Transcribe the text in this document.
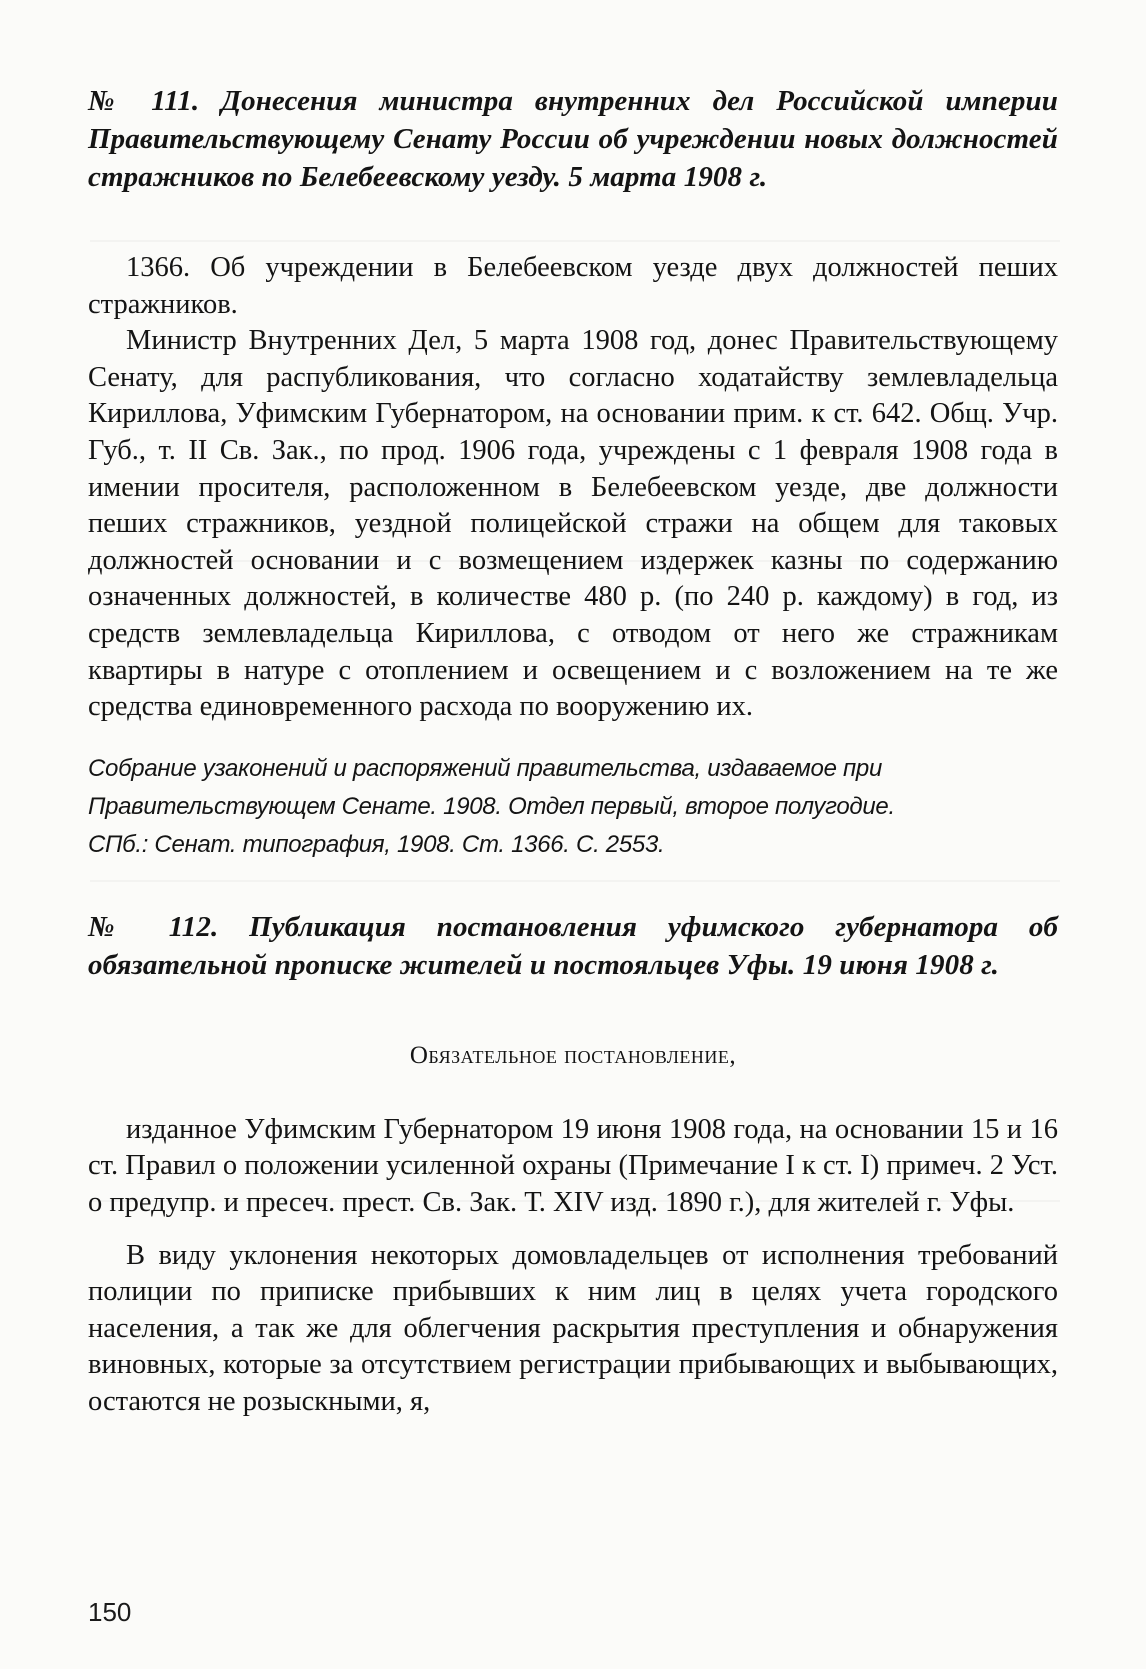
№ 111. Донесения министра внутренних дел Российской империи Правительствующему Сенату России об учреждении новых должностей стражников по Белебеевскому уезду. 5 марта 1908 г.

1366. Об учреждении в Белебеевском уезде двух должностей пеших стражников.

Министр Внутренних Дел, 5 марта 1908 год, донес Правительствующему Сенату, для распубликования, что согласно ходатайству землевладельца Кириллова, Уфимским Губернатором, на основании прим. к ст. 642. Общ. Учр. Губ., т. II Св. Зак., по прод. 1906 года, учреждены с 1 февраля 1908 года в имении просителя, расположенном в Белебеевском уезде, две должности пеших стражников, уездной полицейской стражи на общем для таковых должностей основании и с возмещением издержек казны по содержанию означенных должностей, в количестве 480 р. (по 240 р. каждому) в год, из средств землевладельца Кириллова, с отводом от него же стражникам квартиры в натуре с отоплением и освещением и с возложением на те же средства единовременного расхода по вооружению их.

Собрание узаконений и распоряжений правительства, издаваемое при

Правительствующем Сенате. 1908. Отдел первый, второе полугодие.

СПб.: Сенат. типография, 1908. Ст. 1366. С. 2553.

№ 112. Публикация постановления уфимского губернатора об обязательной прописке жителей и постояльцев Уфы. 19 июня 1908 г.

Обязательное постановление,

изданное Уфимским Губернатором 19 июня 1908 года, на основании 15 и 16 ст. Правил о положении усиленной охраны (Примечание I к ст. I) примеч. 2 Уст. о предупр. и пресеч. прест. Св. Зак. Т. XIV изд. 1890 г.), для жителей г. Уфы.

В виду уклонения некоторых домовладельцев от исполнения требований полиции по приписке прибывших к ним лиц в целях учета городского населения, а так же для облегчения раскрытия преступления и обнаружения виновных, которые за отсутствием регистрации прибывающих и выбывающих, остаются не розыскными, я,

150
